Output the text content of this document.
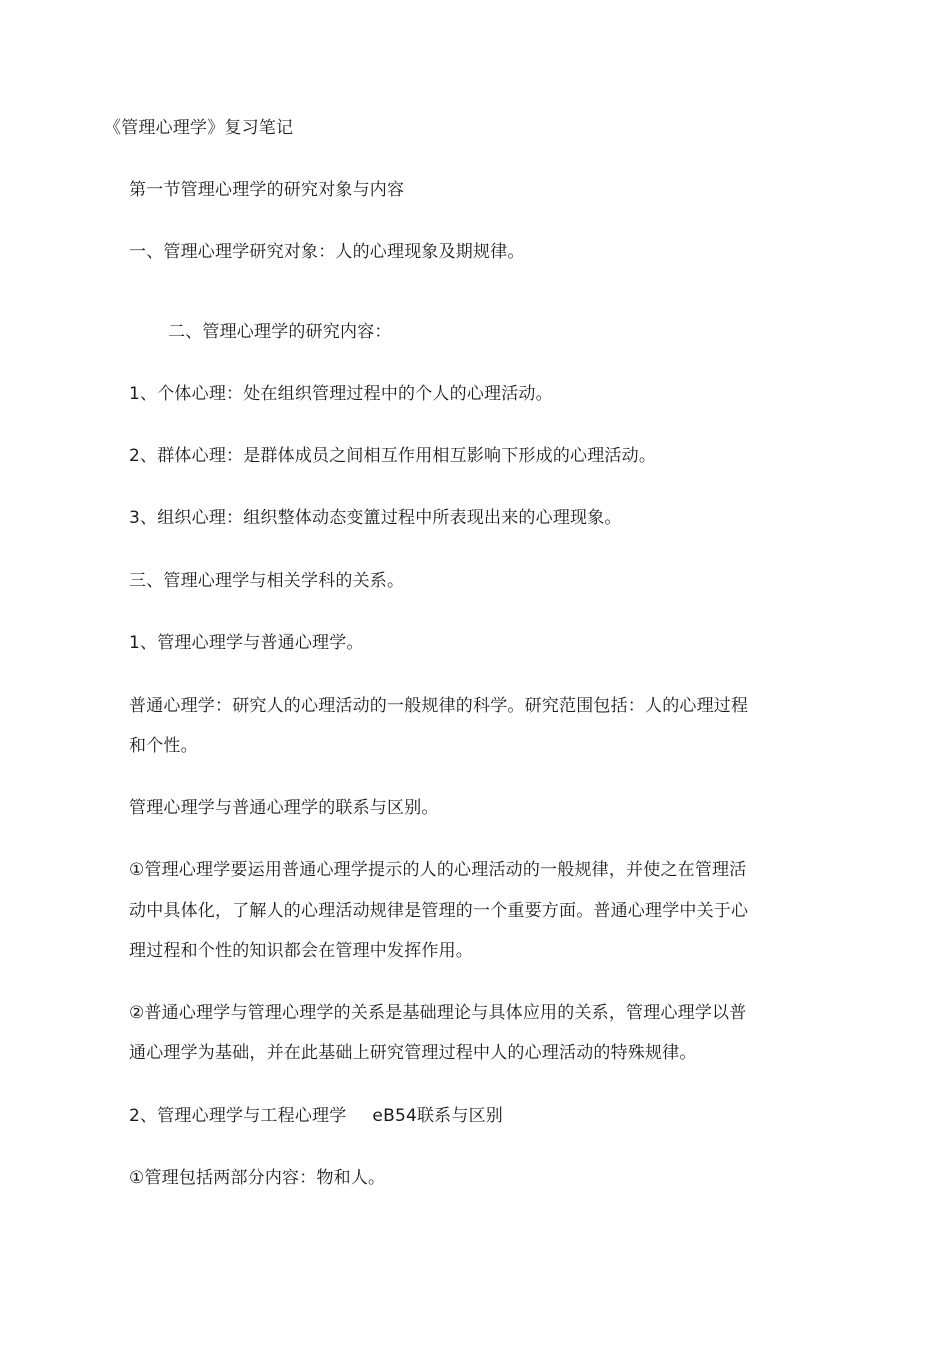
《管理心理学》复习笔记
第一节管理心理学的研究对象与内容
一、管理心理学研究对象：人的心理现象及期规律。
二、管理心理学的研究内容：
1、个体心理：处在组织管理过程中的个人的心理活动。
2、群体心理：是群体成员之间相互作用相互影响下形成的心理活动。
3、组织心理：组织整体动态变簠过程中所表现出来的心理现象。
三、管理心理学与相关学科的关系。
1、管理心理学与普通心理学。
普通心理学：研究人的心理活动的一般规律的科学。研究范围包括：人的心理过程
和个性。
管理心理学与普通心理学的联系与区别。
①管理心理学要运用普通心理学提示的人的心理活动的一般规律，并使之在管理活
动中具体化，了解人的心理活动规律是管理的一个重要方面。普通心理学中关于心
理过程和个性的知识都会在管理中发挥作用。
②普通心理学与管理心理学的关系是基础理论与具体应用的关系，管理心理学以普
通心理学为基础，并在此基础上研究管理过程中人的心理活动的特殊规律。
2、管理心理学与工程心理学 eB54联系与区别
①管理包括两部分内容：物和人。
